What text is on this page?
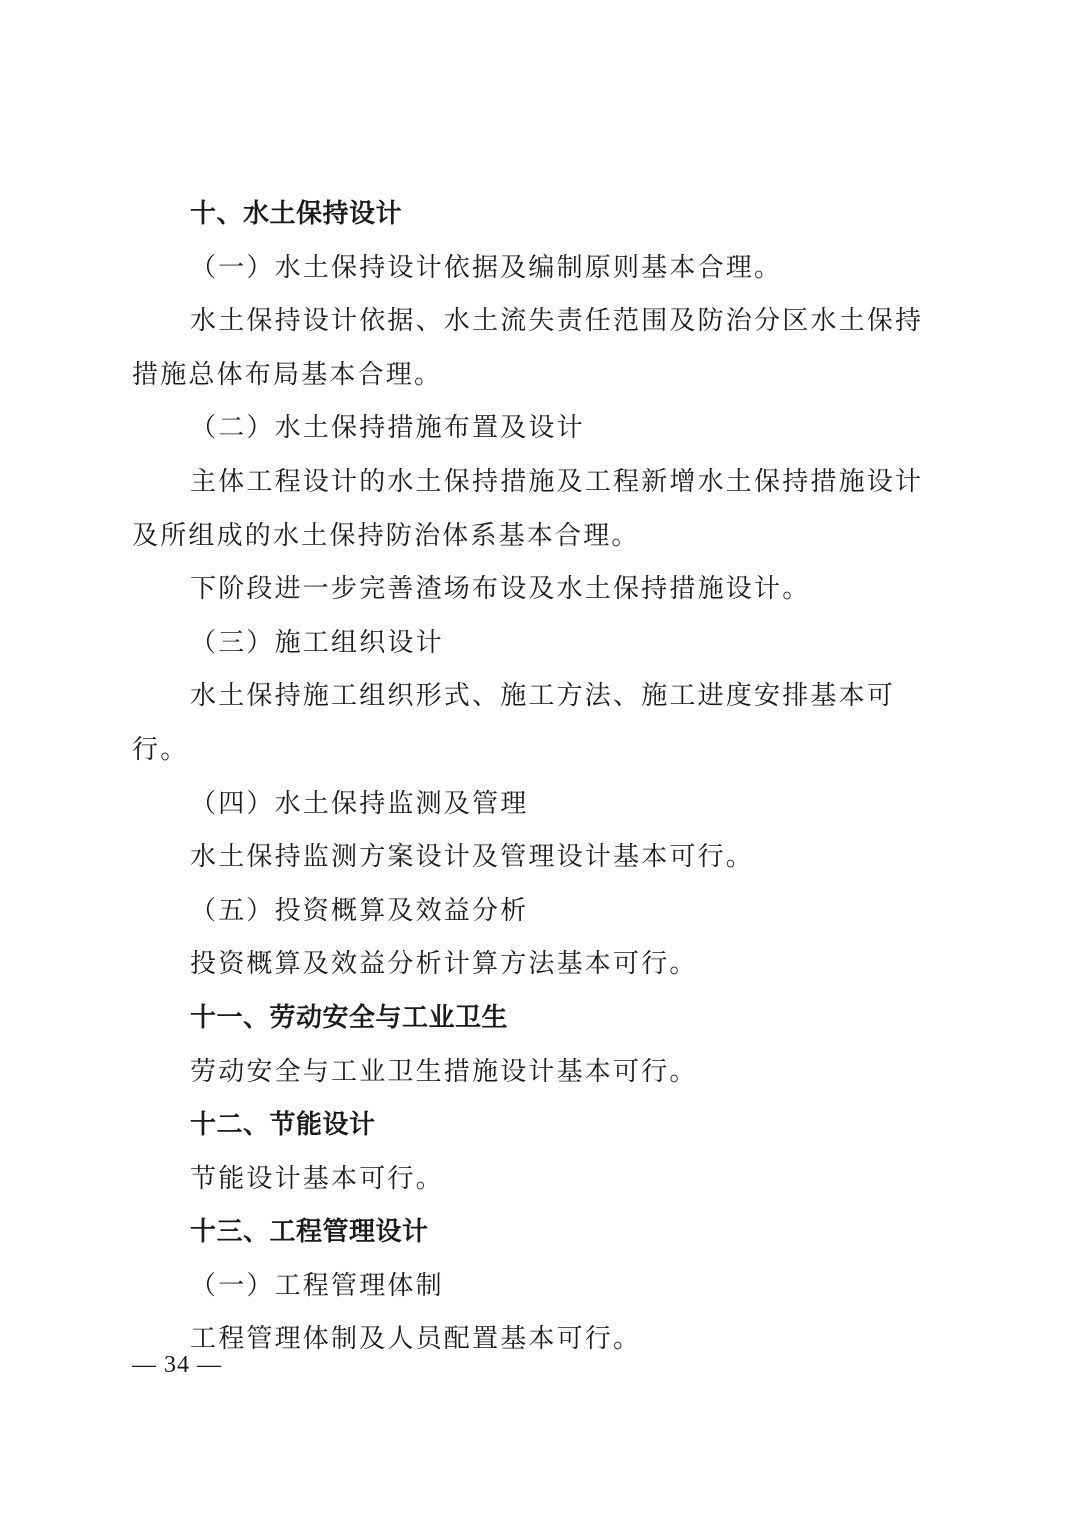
十、水土保持设计

（一）水土保持设计依据及编制原则基本合理。

水土保持设计依据、水土流失责任范围及防治分区水土保持措施总体布局基本合理。

（二）水土保持措施布置及设计

主体工程设计的水土保持措施及工程新增水土保持措施设计及所组成的水土保持防治体系基本合理。

下阶段进一步完善渣场布设及水土保持措施设计。

（三）施工组织设计

水土保持施工组织形式、施工方法、施工进度安排基本可行。

（四）水土保持监测及管理

水土保持监测方案设计及管理设计基本可行。

（五）投资概算及效益分析

投资概算及效益分析计算方法基本可行。

十一、劳动安全与工业卫生

劳动安全与工业卫生措施设计基本可行。

十二、节能设计

节能设计基本可行。

十三、工程管理设计

（一）工程管理体制

工程管理体制及人员配置基本可行。

— 34 —
